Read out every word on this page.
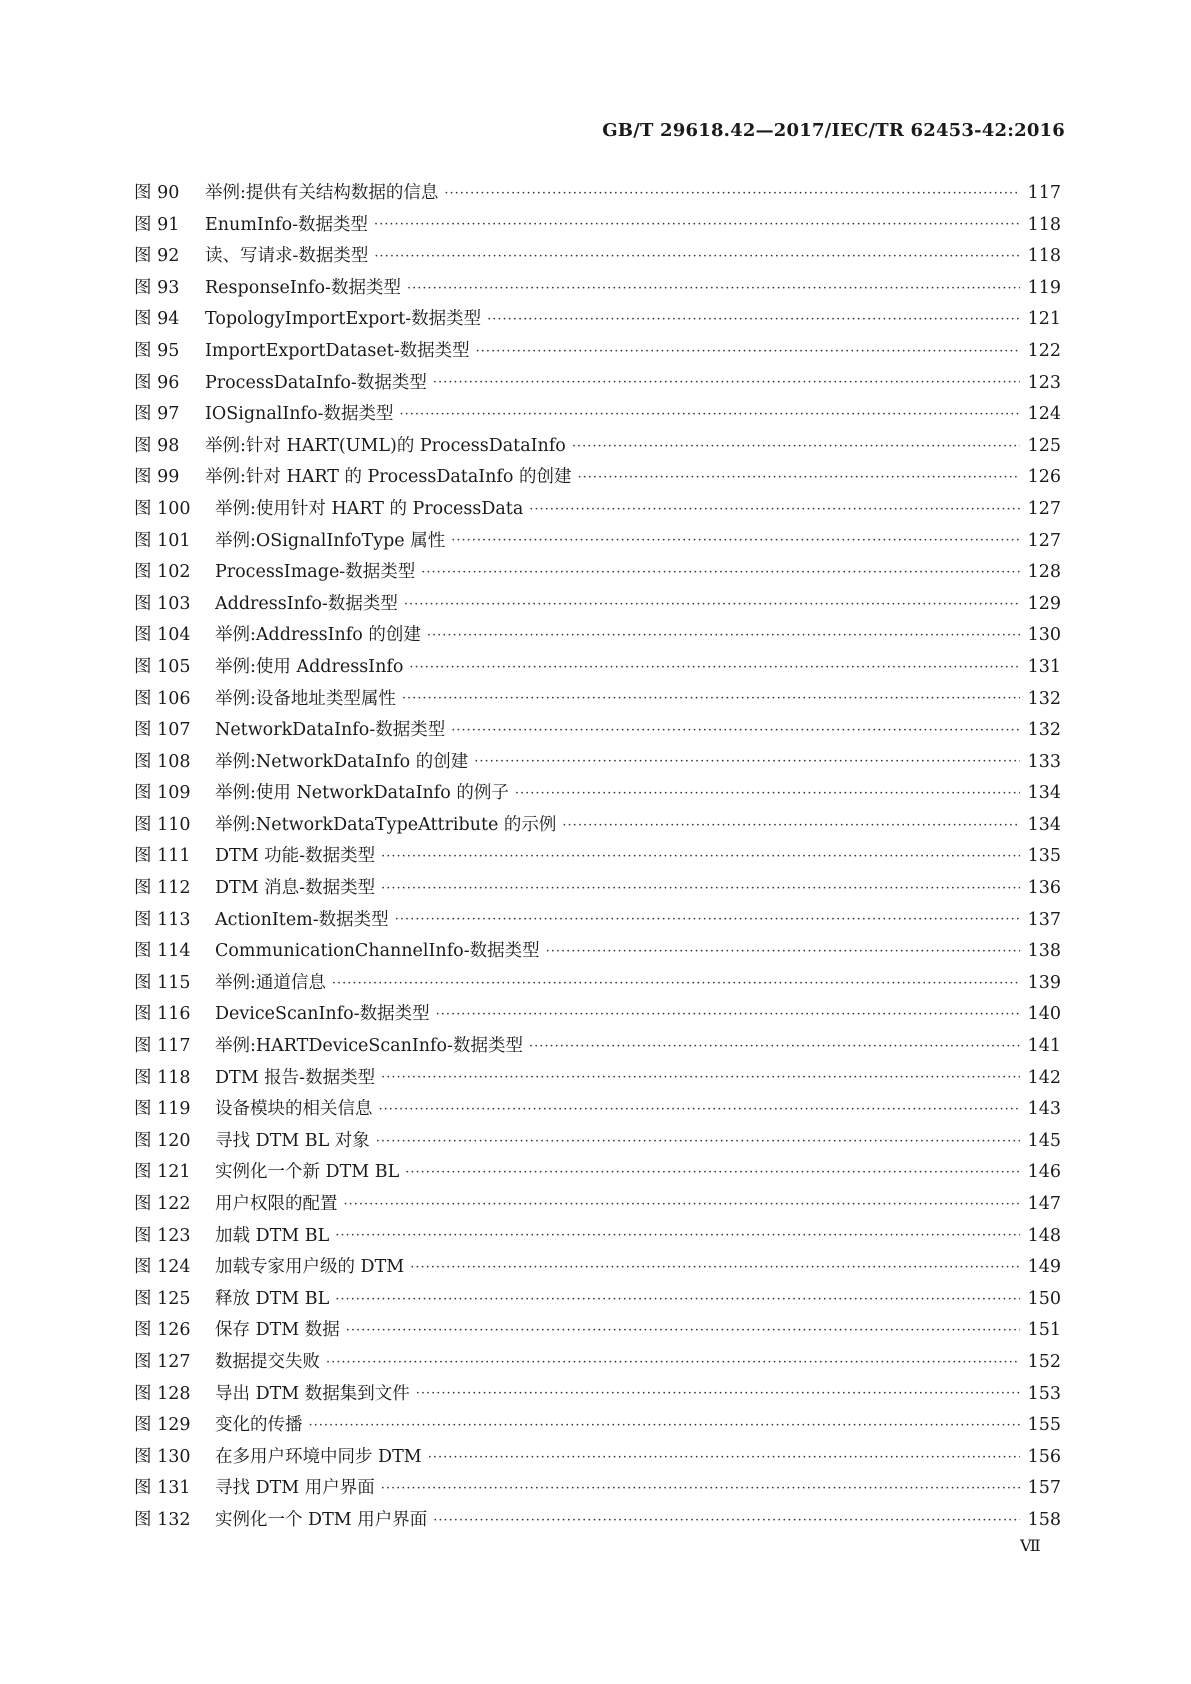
GB/T 29618.42—2017/IEC/TR 62453-42:2016
图 90	举例:提供有关结构数据的信息 ·····	117
图 91	EnumInfo-数据类型 ·····	118
图 92	读、写请求-数据类型 ·····	118
图 93	ResponseInfo-数据类型 ·····	119
图 94	TopologyImportExport-数据类型 ·····	121
图 95	ImportExportDataset-数据类型 ·····	122
图 96	ProcessDataInfo-数据类型 ·····	123
图 97	IOSignalInfo-数据类型 ·····	124
图 98	举例:针对 HART(UML)的 ProcessDataInfo ·····	125
图 99	举例:针对 HART 的 ProcessDataInfo 的创建 ·····	126
图 100	举例:使用针对 HART 的 ProcessData ·····	127
图 101	举例:OSignalInfoType 属性 ·····	127
图 102	ProcessImage-数据类型 ·····	128
图 103	AddressInfo-数据类型 ·····	129
图 104	举例:AddressInfo 的创建 ·····	130
图 105	举例:使用 AddressInfo ·····	131
图 106	举例:设备地址类型属性 ·····	132
图 107	NetworkDataInfo-数据类型 ·····	132
图 108	举例:NetworkDataInfo 的创建 ·····	133
图 109	举例:使用 NetworkDataInfo 的例子 ·····	134
图 110	举例:NetworkDataTypeAttribute 的示例 ·····	134
图 111	DTM 功能-数据类型 ·····	135
图 112	DTM 消息-数据类型 ·····	136
图 113	ActionItem-数据类型 ·····	137
图 114	CommunicationChannelInfo-数据类型 ·····	138
图 115	举例:通道信息 ·····	139
图 116	DeviceScanInfo-数据类型 ·····	140
图 117	举例:HARTDeviceScanInfo-数据类型 ·····	141
图 118	DTM 报告-数据类型 ·····	142
图 119	设备模块的相关信息 ·····	143
图 120	寻找 DTM BL 对象 ·····	145
图 121	实例化一个新 DTM BL ·····	146
图 122	用户权限的配置 ·····	147
图 123	加载 DTM BL ·····	148
图 124	加载专家用户级的 DTM ·····	149
图 125	释放 DTM BL ·····	150
图 126	保存 DTM 数据 ·····	151
图 127	数据提交失败 ·····	152
图 128	导出 DTM 数据集到文件 ·····	153
图 129	变化的传播 ·····	155
图 130	在多用户环境中同步 DTM ·····	156
图 131	寻找 DTM 用户界面 ·····	157
图 132	实例化一个 DTM 用户界面 ·····	158
Ⅶ
